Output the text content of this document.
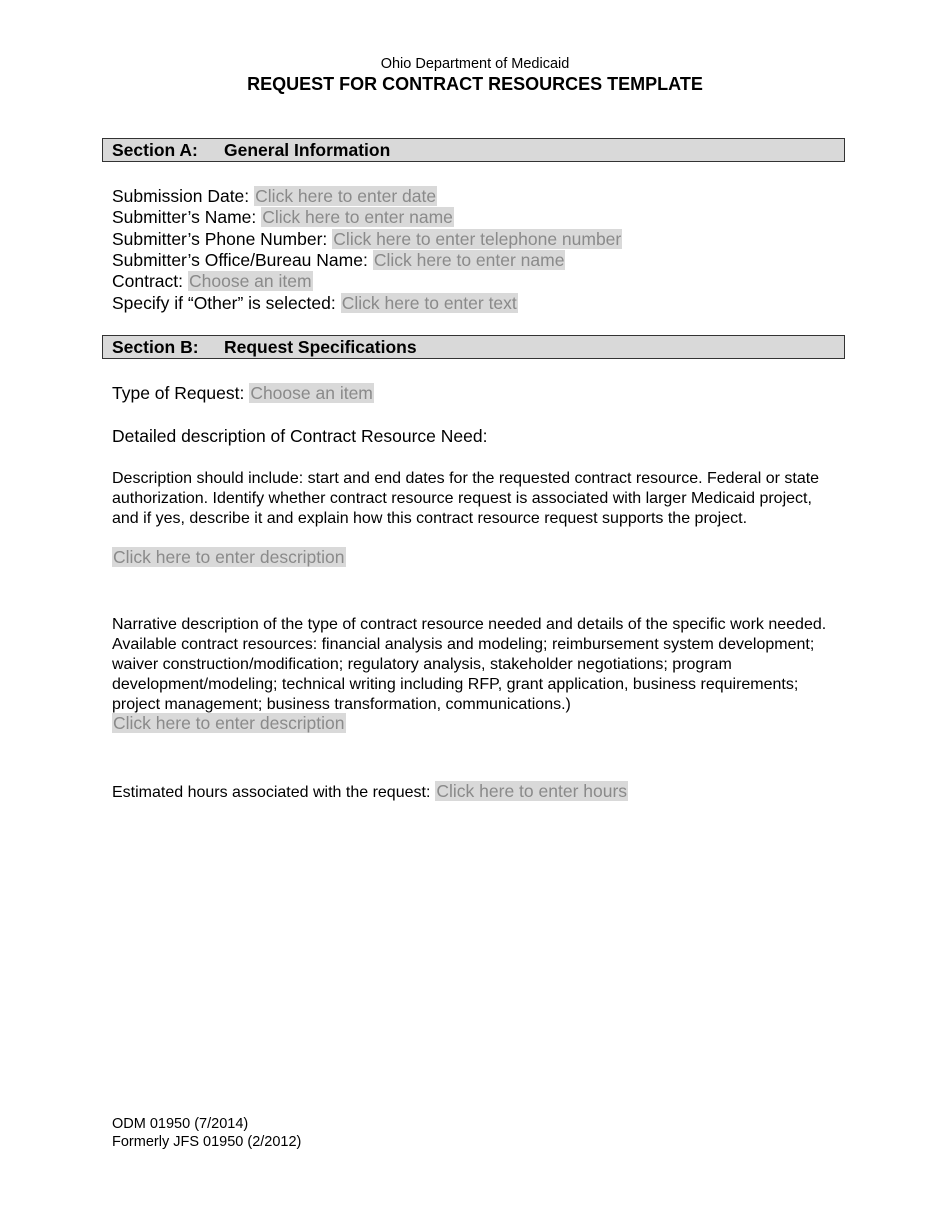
Ohio Department of Medicaid
REQUEST FOR CONTRACT RESOURCES TEMPLATE
Section A: General Information
Submission Date: Click here to enter date
Submitter’s Name: Click here to enter name
Submitter’s Phone Number: Click here to enter telephone number
Submitter’s Office/Bureau Name: Click here to enter name
Contract: Choose an item
Specify if “Other” is selected: Click here to enter text
Section B: Request Specifications
Type of Request: Choose an item
Detailed description of Contract Resource Need:
Description should include: start and end dates for the requested contract resource. Federal or state authorization. Identify whether contract resource request is associated with larger Medicaid project, and if yes, describe it and explain how this contract resource request supports the project.
Click here to enter description
Narrative description of the type of contract resource needed and details of the specific work needed. Available contract resources: financial analysis and modeling; reimbursement system development; waiver construction/modification; regulatory analysis, stakeholder negotiations; program development/modeling; technical writing including RFP, grant application, business requirements; project management; business transformation, communications.)
Click here to enter description
Estimated hours associated with the request: Click here to enter hours
ODM 01950 (7/2014)
Formerly JFS 01950 (2/2012)
